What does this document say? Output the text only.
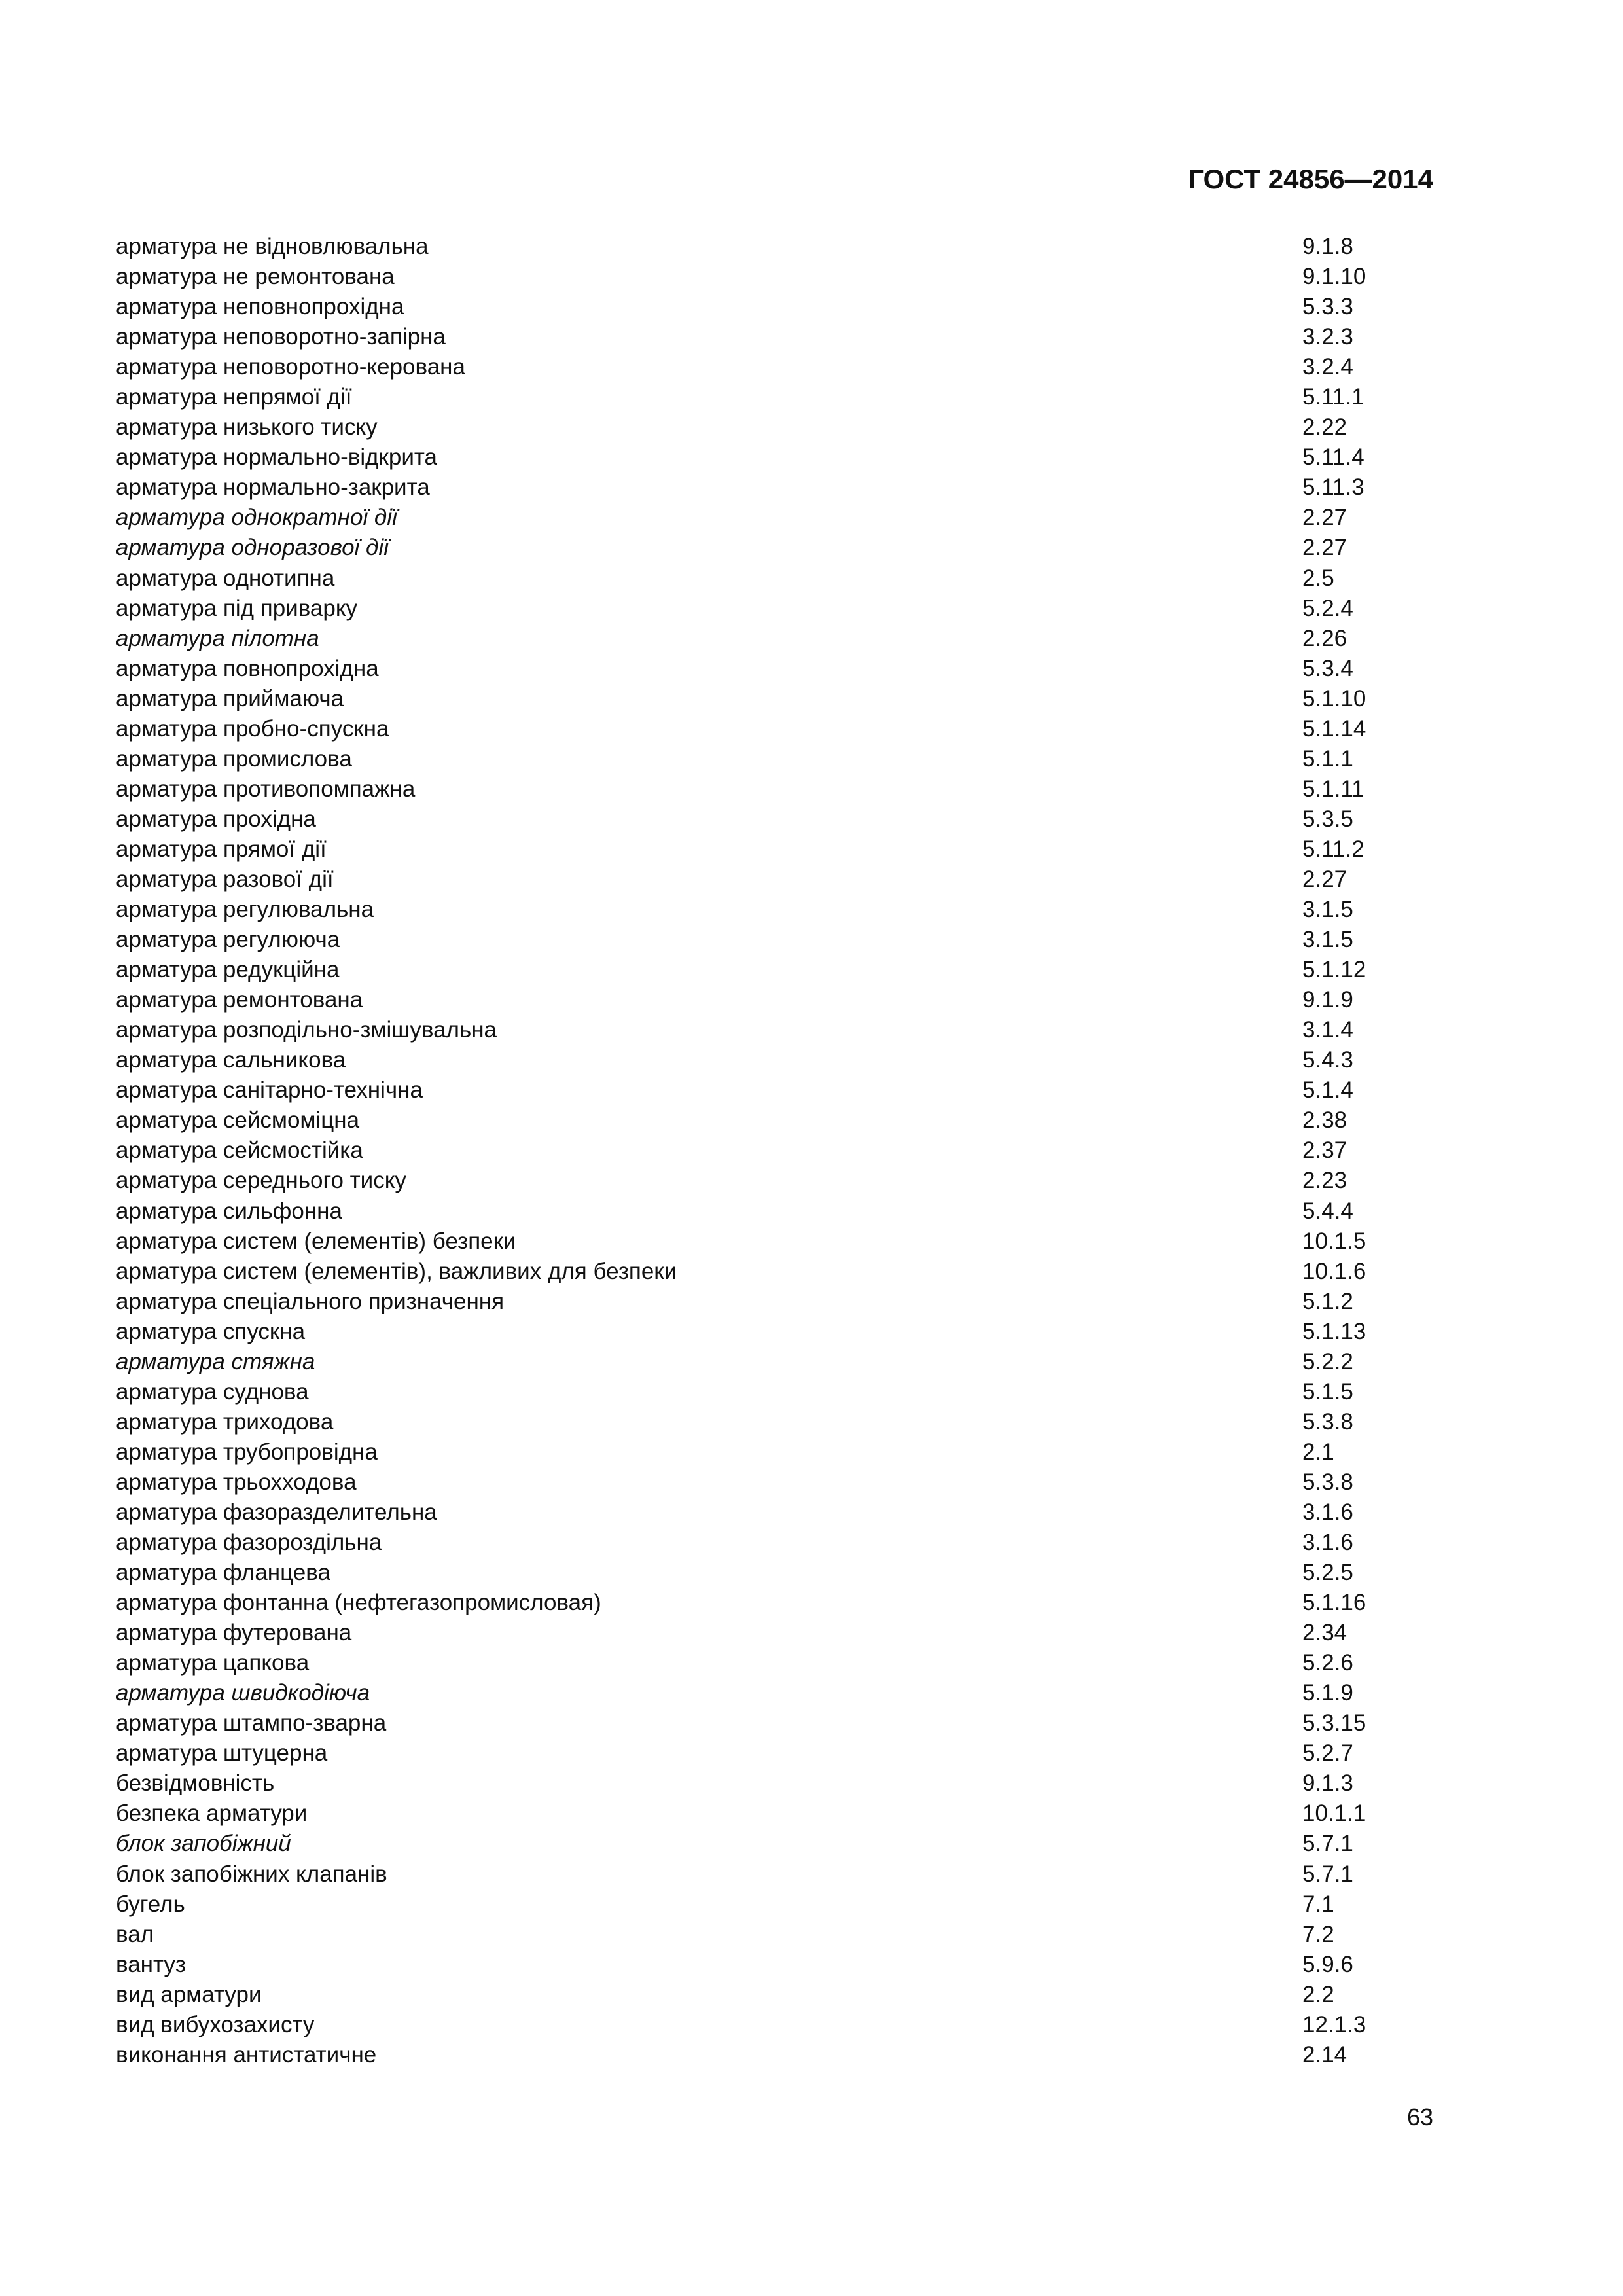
ГОСТ 24856—2014
арматура не відновлювальна	9.1.8
арматура не ремонтована	9.1.10
арматура неповнопрохідна	5.3.3
арматура неповоротно-запірна	3.2.3
арматура неповоротно-керована	3.2.4
арматура непрямої дії	5.11.1
арматура низького тиску	2.22
арматура нормально-відкрита	5.11.4
арматура нормально-закрита	5.11.3
арматура однократної дії	2.27
арматура одноразової дії	2.27
арматура однотипна	2.5
арматура під приварку	5.2.4
арматура пілотна	2.26
арматура повнопрохідна	5.3.4
арматура приймаюча	5.1.10
арматура пробно-спускна	5.1.14
арматура промислова	5.1.1
арматура противопомпажна	5.1.11
арматура прохідна	5.3.5
арматура прямої дії	5.11.2
арматура разової дії	2.27
арматура регулювальна	3.1.5
арматура регулююча	3.1.5
арматура редукційна	5.1.12
арматура ремонтована	9.1.9
арматура розподільно-змішувальна	3.1.4
арматура сальникова	5.4.3
арматура санітарно-технічна	5.1.4
арматура сейсмоміцна	2.38
арматура сейсмостійка	2.37
арматура середнього тиску	2.23
арматура сильфонна	5.4.4
арматура систем (елементів) безпеки	10.1.5
арматура систем (елементів), важливих для безпеки	10.1.6
арматура спеціального призначення	5.1.2
арматура спускна	5.1.13
арматура стяжна	5.2.2
арматура суднова	5.1.5
арматура триходова	5.3.8
арматура трубопровідна	2.1
арматура трьохходова	5.3.8
арматура фазоразделительна	3.1.6
арматура фазороздільна	3.1.6
арматура фланцева	5.2.5
арматура фонтанна (нефтегазопромисловая)	5.1.16
арматура футерована	2.34
арматура цапкова	5.2.6
арматура швидкодіюча	5.1.9
арматура штампо-зварна	5.3.15
арматура штуцерна	5.2.7
безвідмовність	9.1.3
безпека арматури	10.1.1
блок запобіжний	5.7.1
блок запобіжних клапанів	5.7.1
бугель	7.1
вал	7.2
вантуз	5.9.6
вид арматури	2.2
вид вибухозахисту	12.1.3
виконання антистатичне	2.14
63
